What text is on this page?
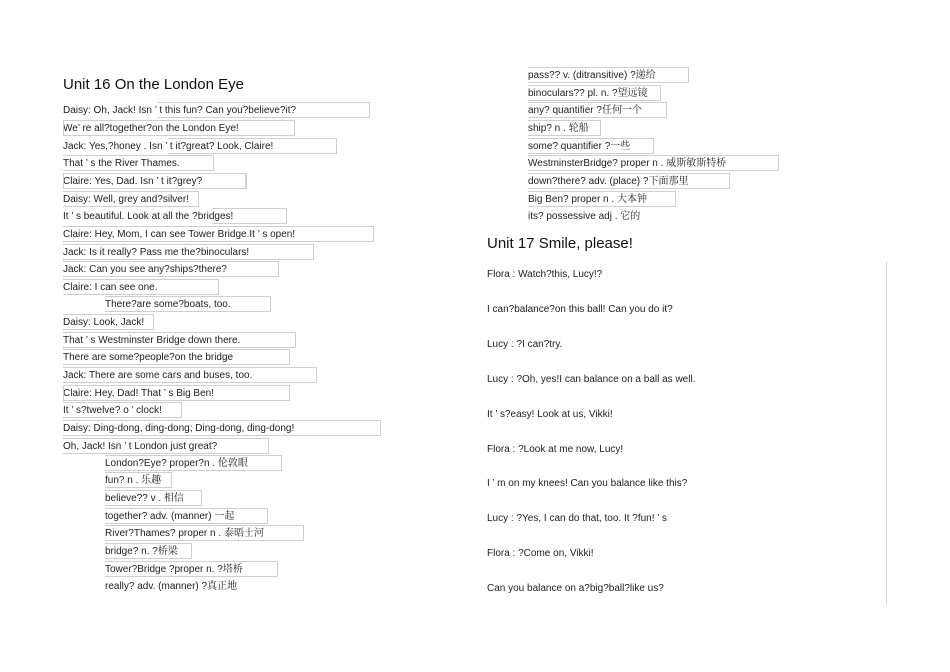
Unit 16 On the London Eye
Daisy: Oh, Jack! Isn ’ t this fun? Can you?believe?it?
We’ re all?together?on the London Eye!
Jack: Yes,?honey . Isn ’ t it?great? Look, Claire!
That ’ s the River Thames.
Claire: Yes, Dad. Isn ’ t it?grey?
Daisy: Well, grey and?silver!
It ’ s beautiful. Look at all the ?bridges!
Claire: Hey, Mom, I can see Tower Bridge.It ’ s open!
Jack: Is it really? Pass me the?binoculars!
Jack: Can you see any?ships?there?
Claire: I can see one.
There?are some?boats, too.
Daisy: Look, Jack!
That ’ s Westminster Bridge down there.
There are some?people?on the bridge
Jack: There are some cars and buses, too.
Claire: Hey, Dad! That ’ s Big Ben!
It ’ s?twelve? o ’ clock!
Daisy: Ding-dong, ding-dong; Ding-dong, ding-dong!
Oh, Jack! Isn ’ t London just great?
London?Eye? proper?n . 伦敦眼
fun? n . 乐趣
believe?? v . 相信
together? adv. (manner) 一起
River?Thames? proper n . 泰晤士河
bridge? n. ?桥梁
Tower?Bridge ?proper n. ?塔桥
really? adv. (manner) ?真正地
pass?? v. (ditransitive) ?递给
binoculars?? pl. n. ?望远镜
any? quantifier ?任何一个
ship? n . 轮船
some? quantifier ?一些
WestminsterBridge? proper n . 威斯敏斯特桥
down?there? adv. (place) ?下面那里
Big Ben? proper n . 大本钟
its? possessive adj . 它的
Unit 17 Smile, please!
Flora : Watch?this, Lucy!?
I can?balance?on this ball! Can you do it?
Lucy : ?I can?try.
Lucy : ?Oh, yes!I can balance on a ball as well.
It ’ s?easy! Look at us, Vikki!
Flora : ?Look at me now, Lucy!
I ’ m on my knees! Can you balance like this?
Lucy : ?Yes, I can do that, too. It ?fun! ’ s
Flora : ?Come on, Vikki!
Can you balance on a?big?ball?like us?
